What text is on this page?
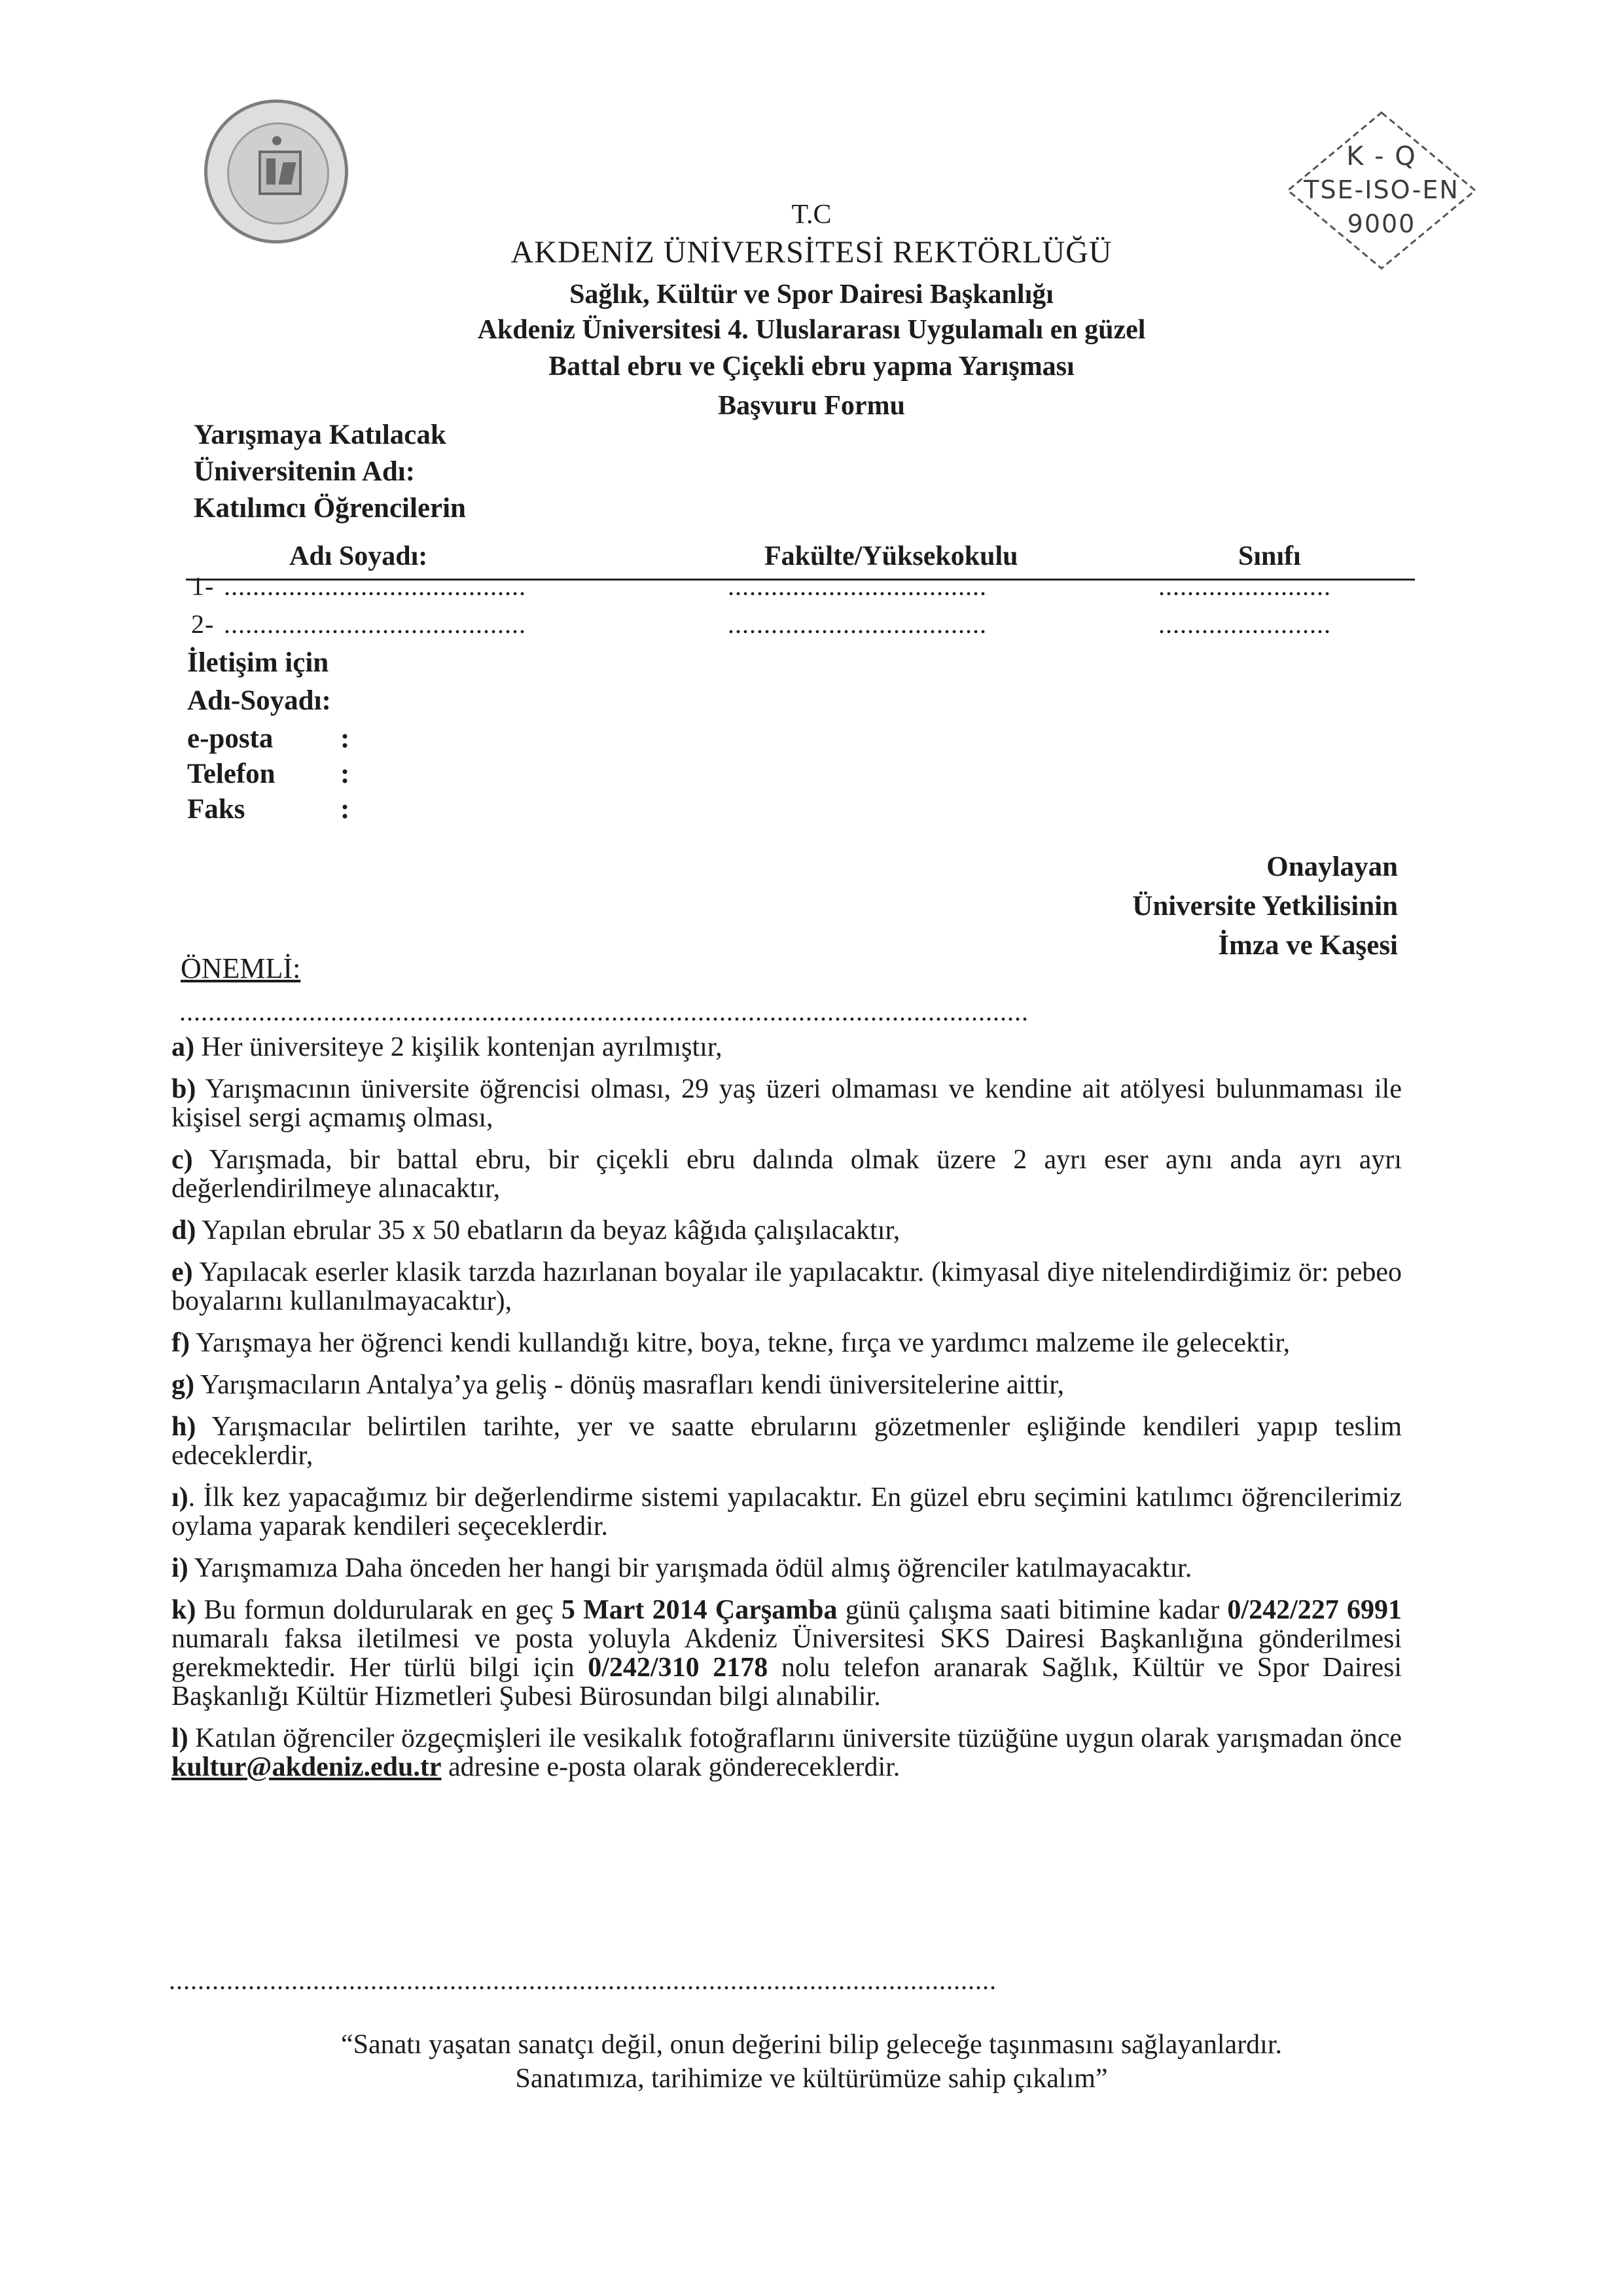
K - Q
TSE-ISO-EN
9000
T.C
AKDENİZ ÜNİVERSİTESİ REKTÖRLÜĞÜ
Sağlık, Kültür ve Spor Dairesi Başkanlığı
Akdeniz Üniversitesi 4. Uluslararası Uygulamalı en güzel
Battal ebru ve Çiçekli ebru yapma Yarışması
Başvuru Formu
Yarışmaya Katılacak
Üniversitenin Adı:
Katılımcı Öğrencilerin
Adı Soyadı:	Fakülte/Yüksekokulu	Sınıfı
1- ..........................................	....................................	........................
2- ..........................................	....................................	........................
İletişim için
Adı-Soyadı:
e-posta :
Telefon :
Faks	:
Onaylayan
Üniversite Yetkilisinin
İmza ve Kaşesi
ÖNEMLİ:
......................................................................................................................

a) Her üniversiteye 2 kişilik kontenjan ayrılmıştır,

b) Yarışmacının üniversite öğrencisi olması, 29 yaş üzeri olmaması ve kendine ait atölyesi bulunmaması ile kişisel sergi açmamış olması,

c) Yarışmada, bir battal ebru, bir çiçekli ebru dalında olmak üzere 2 ayrı eser aynı anda ayrı ayrı değerlendirilmeye alınacaktır,

d) Yapılan ebrular 35 x 50 ebatların da beyaz kâğıda çalışılacaktır,

e) Yapılacak eserler klasik tarzda hazırlanan boyalar ile yapılacaktır. (kimyasal diye nitelendirdiğimiz ör: pebeo boyalarını kullanılmayacaktır),

f) Yarışmaya her öğrenci kendi kullandığı kitre, boya, tekne, fırça ve yardımcı malzeme ile gelecektir,

g) Yarışmacıların Antalya’ya geliş - dönüş masrafları kendi üniversitelerine aittir,

h) Yarışmacılar belirtilen tarihte, yer ve saatte ebrularını gözetmenler eşliğinde kendileri yapıp teslim edeceklerdir,

ı). İlk kez yapacağımız bir değerlendirme sistemi yapılacaktır. En güzel ebru seçimini katılımcı öğrencilerimiz oylama yaparak kendileri seçeceklerdir.

i) Yarışmamıza Daha önceden her hangi bir yarışmada ödül almış öğrenciler katılmayacaktır.

k) Bu formun doldurularak en geç 5 Mart 2014 Çarşamba günü çalışma saati bitimine kadar 0/242/227 6991 numaralı faksa iletilmesi ve posta yoluyla Akdeniz Üniversitesi SKS Dairesi Başkanlığına gönderilmesi gerekmektedir. Her türlü bilgi için 0/242/310 2178 nolu telefon aranarak Sağlık, Kültür ve Spor Dairesi Başkanlığı Kültür Hizmetleri Şubesi Bürosundan bilgi alınabilir.

l) Katılan öğrenciler özgeçmişleri ile vesikalık fotoğraflarını üniversite tüzüğüne uygun olarak yarışmadan önce kultur@akdeniz.edu.tr adresine e-posta olarak göndereceklerdir.

...................................................................................................................
“Sanatı yaşatan sanatçı değil, onun değerini bilip geleceğe taşınmasını sağlayanlardır.
Sanatımıza, tarihimize ve kültürümüze sahip çıkalım”
